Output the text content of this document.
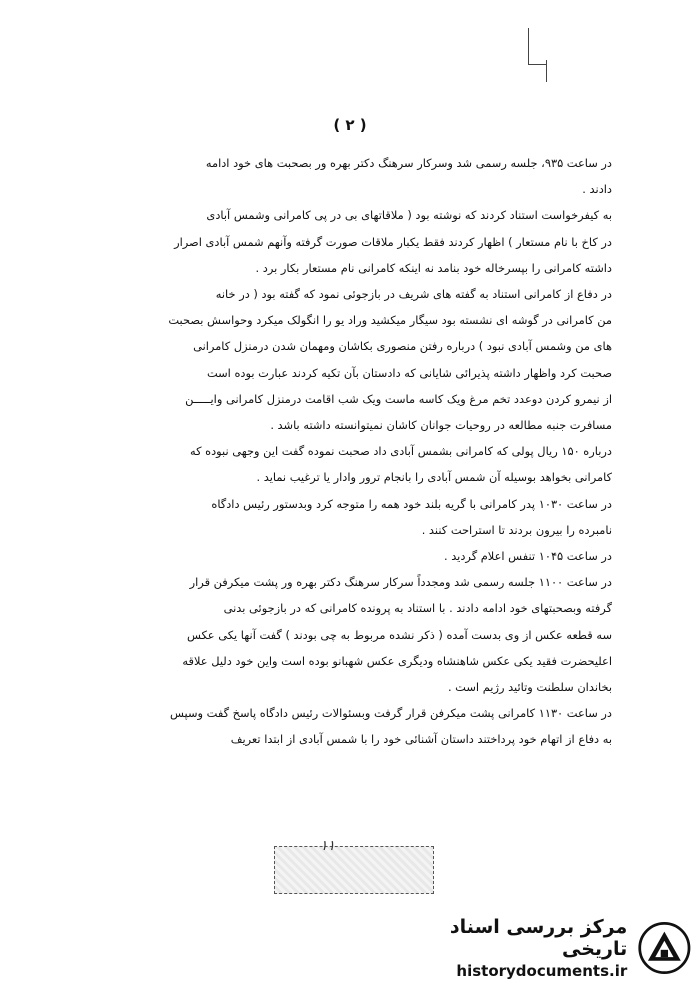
( ۲ )

در ساعت ۹۳۵، جلسه رسمی شد وسرکار سرهنگ دکتر بهره ور بصحبت های خود ادامه
دادند .

به کیفرخواست استناد کردند که نوشته بود ( ملاقاتهای بی در پی کامرانی وشمس آبادی
در کاخ با نام مستعار ) اظهار کردند فقط یکبار ملاقات صورت گرفته وآنهم شمس آبادی اصرار
داشته کامرانی را بپسرخاله خود بنامد نه اینکه کامرانی نام مستعار بکار برد .

در دفاع از کامرانی استناد به گفته های شریف در بازجوئی نمود که گفته بود ( در خانه
من کامرانی در گوشه ای نشسته بود سیگار میکشید وراد یو را انگولک میکرد وحواسش بصحبت
های من وشمس آبادی نبود ) درباره رفتن منصوری بکاشان ومهمان شدن درمنزل کامرانی
صحبت کرد واظهار داشته پذیرائی شایانی که دادستان بآن تکیه کردند عبارت بوده است
از نیمرو کردن دوعدد تخم مرغ ویک کاسه ماست ویک شب اقامت درمنزل کامرانی وایـــــن
مسافرت جنبه مطالعه در روحیات جوانان کاشان نمیتوانسته داشته باشد .

درباره ۱۵۰ ریال پولی که کامرانی بشمس آبادی داد صحبت نموده گفت این وجهی نبوده که
کامرانی بخواهد بوسیله آن شمس آبادی را بانجام ترور وادار یا ترغیب نماید .

در ساعت ۱۰۳۰ پدر کامرانی با گریه بلند خود همه را متوجه کرد وبدستور رئیس دادگاه
نامبرده را بیرون بردند تا استراحت کنند .

در ساعت ۱۰۴۵ تنفس اعلام گردید .

در ساعت ۱۱۰۰ جلسه رسمی شد ومجدداً سرکار سرهنگ دکتر بهره ور پشت میکرفن قرار
گرفته وبصحبتهای خود ادامه دادند . با استناد به پرونده کامرانی که در بازجوئی بدنی
سه قطعه عکس از وی بدست آمده ( ذکر نشده مربوط به چی بودند ) گفت آنها یکی عکس
اعلیحضرت فقید یکی عکس شاهنشاه ودیگری عکس شهبانو بوده است واین خود دلیل علاقه
بخاندان سلطنت وتائید رژیم است .

در ساعت ۱۱۳۰ کامرانی پشت میکرفن قرار گرفت وبسئوالات رئیس دادگاه پاسخ گفت وسپس
به دفاع از اتهام خود پرداختند داستان آشنائی خود را با شمس آبادی از ابتدا تعریف

۱۱
مرکز بررسی اسناد تاریخی
historydocuments.ir
